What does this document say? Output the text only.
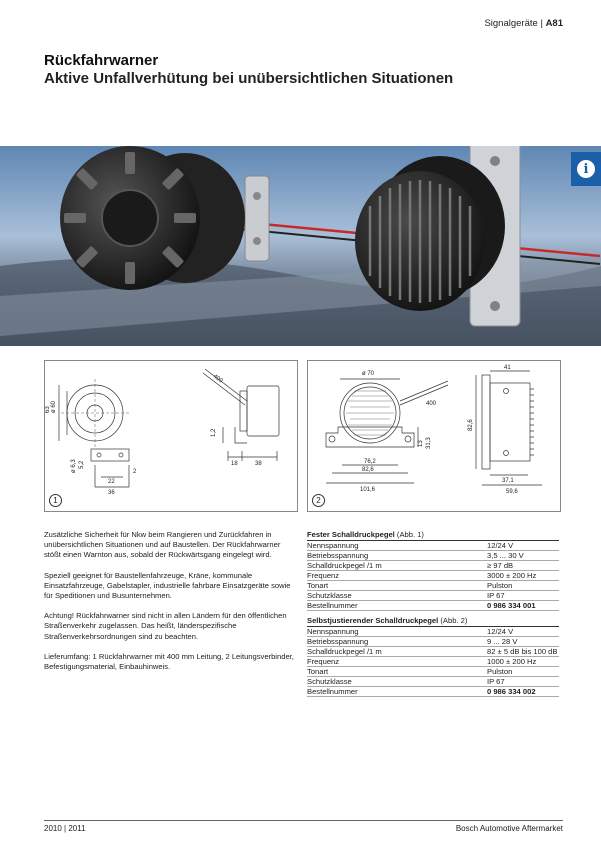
Signalgeräte | A81
Rückfahrwarner
Aktive Unfallverhütung bei unübersichtlichen Situationen
i
ø 60
63
400
1,2
18	38
ø 6,3 5,2
2
22
36
1
ø 70
400
13 31,3
76,2
82,6
101,6
41
82,6
37,1
59,6
2

Zusätzliche Sicherheit für Nkw beim Rangieren und Zurückfahren in unübersichtlichen Situationen und auf Baustellen. Der Rückfahrwarner stößt einen Warnton aus, sobald der Rückwärtsgang eingelegt wird.

Speziell geeignet für Baustellenfahrzeuge, Kräne, kommunale Einsatzfahrzeuge, Gabelstapler, industrielle fahrbare Einsatzgeräte sowie für Speditionen und Busunternehmen.

Achtung! Rückfahrwarner sind nicht in allen Ländern für den öffentlichen Straßenverkehr zugelassen. Das heißt, länderspezifische Straßenverkehrsordnungen sind zu beachten.

Lieferumfang: 1 Rückfahrwarner mit 400 mm Leitung, 2 Leitungsverbinder, Befestigungsmaterial, Einbauhinweis.

Fester Schalldruckpegel (Abb. 1)
Nennspannung	12/24 V
Betriebsspannung	3,5 ... 30 V
Schalldruckpegel /1 m	≥ 97 dB
Frequenz	3000 ± 200 Hz
Tonart	Pulston
Schutzklasse	IP 67
Bestellnummer	0 986 334 001
Selbstjustierender Schalldruckpegel (Abb. 2)
Nennspannung	12/24 V
Betriebsspannung	9 ... 28 V
Schalldruckpegel /1 m	82 ± 5 dB bis 100 dB
Frequenz	1000 ± 200 Hz
Tonart	Pulston
Schutzklasse	IP 67
Bestellnummer	0 986 334 002
2010 | 2011	Bosch Automotive Aftermarket
